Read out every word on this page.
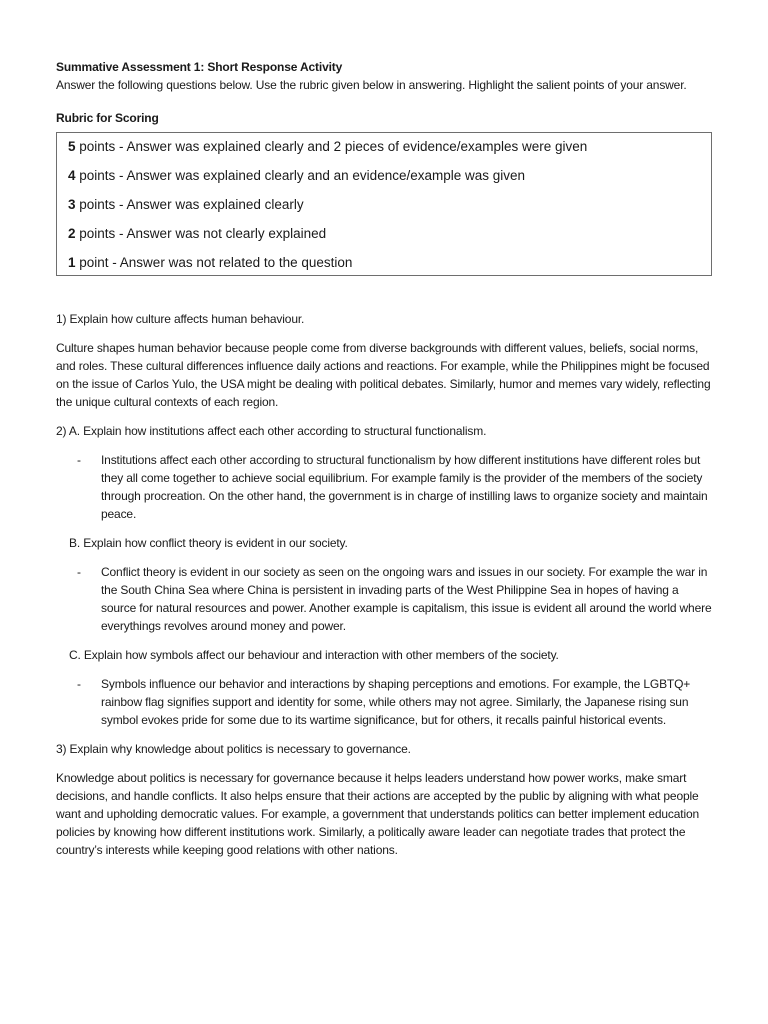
Summative Assessment 1: Short Response Activity

Answer the following questions below. Use the rubric given below in answering. Highlight the salient points of your answer.

Rubric for Scoring

5 points - Answer was explained clearly and 2 pieces of evidence/examples were given
4 points - Answer was explained clearly and an evidence/example was given
3 points - Answer was explained clearly
2 points - Answer was not clearly explained
1 point - Answer was not related to the question

1) Explain how culture affects human behaviour.

Culture shapes human behavior because people come from diverse backgrounds with different values, beliefs, social norms, and roles. These cultural differences influence daily actions and reactions. For example, while the Philippines might be focused on the issue of Carlos Yulo, the USA might be dealing with political debates. Similarly, humor and memes vary widely, reflecting the unique cultural contexts of each region.

2) A. Explain how institutions affect each other according to structural functionalism.

- Institutions affect each other according to structural functionalism by how different institutions have different roles but they all come together to achieve social equilibrium. For example family is the provider of the members of the society through procreation. On the other hand, the government is in charge of instilling laws to organize society and maintain peace.

B. Explain how conflict theory is evident in our society.

- Conflict theory is evident in our society as seen on the ongoing wars and issues in our society. For example the war in the South China Sea where China is persistent in invading parts of the West Philippine Sea in hopes of having a source for natural resources and power. Another example is capitalism, this issue is evident all around the world where everythings revolves around money and power.

C. Explain how symbols affect our behaviour and interaction with other members of the society.

- Symbols influence our behavior and interactions by shaping perceptions and emotions. For example, the LGBTQ+ rainbow flag signifies support and identity for some, while others may not agree. Similarly, the Japanese rising sun symbol evokes pride for some due to its wartime significance, but for others, it recalls painful historical events.

3) Explain why knowledge about politics is necessary to governance.

Knowledge about politics is necessary for governance because it helps leaders understand how power works, make smart decisions, and handle conflicts. It also helps ensure that their actions are accepted by the public by aligning with what people want and upholding democratic values. For example, a government that understands politics can better implement education policies by knowing how different institutions work. Similarly, a politically aware leader can negotiate trades that protect the country’s interests while keeping good relations with other nations.
